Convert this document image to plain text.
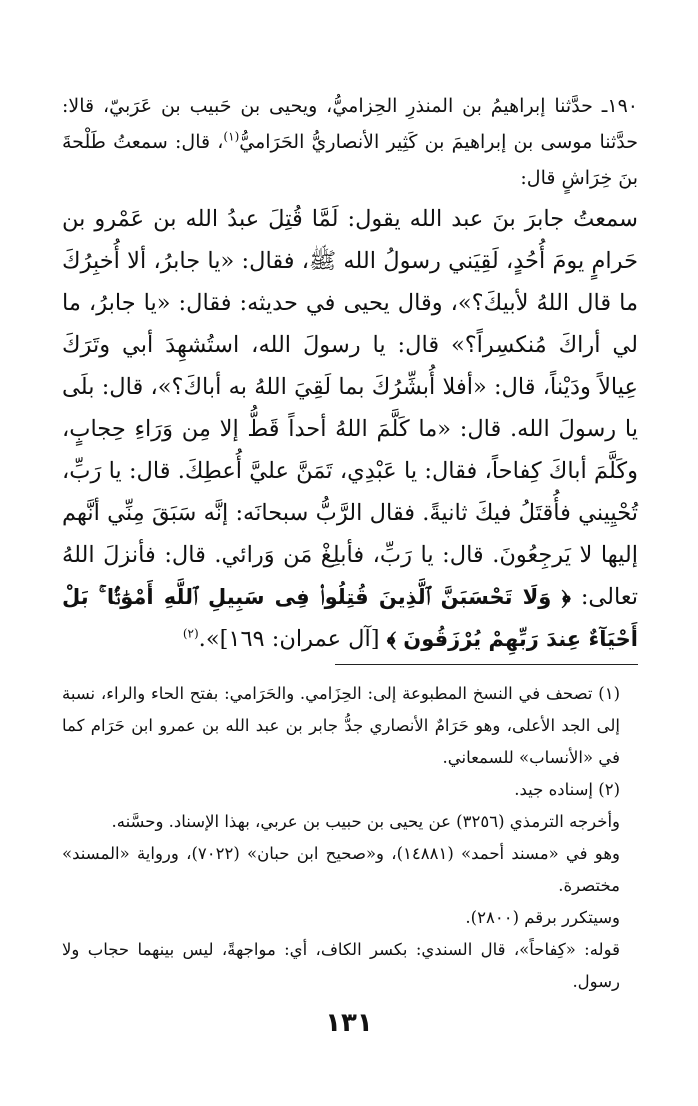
١٩٠ـ حدَّثنا إبراهيمُ بن المنذرِ الحِزاميُّ، ويحيى بن حَبيب بن عَرَبيّ، قالا: حدَّثنا موسى بن إبراهيمَ بن كَثِير الأنصاريُّ الحَرَاميُّ$^{(١)}$، قال: سمعتُ طَلْحةَ بنَ خِرَاشٍ قال:

سمعتُ جابرَ بنَ عبد الله يقول: لَمَّا قُتِلَ عبدُ الله بن عَمْرو بن حَرامٍ يومَ أُحُدٍ، لَقِيَني رسولُ الله ﷺ، فقال: «يا جابرُ، ألا أُخبِرُكَ ما قال اللهُ لأبيكَ؟»، وقال يحيى في حديثه: فقال: «يا جابرُ، ما لي أراكَ مُنكسِراً؟» قال: يا رسولَ الله، استُشهِدَ أبي وتَرَكَ عِيالاً ودَيْناً، قال: «أفلا أُبشِّرُكَ بما لَقِيَ اللهُ به أباكَ؟»، قال: بلَى يا رسولَ الله. قال: «ما كَلَّمَ اللهُ أحداً قَطُّ إلا مِن وَرَاءِ حِجابٍ، وكَلَّمَ أباكَ كِفاحاً، فقال: يا عَبْدِي، تَمَنَّ عليَّ أُعطِكَ. قال: يا رَبِّ، تُحْيِيني فأُقتَلُ فيكَ ثانيةً. فقال الرَّبُّ سبحانَه: إنَّه سَبَقَ مِنِّي أنَّهم إليها لا يَرجِعُونَ. قال: يا رَبِّ، فأبلِغْ مَن وَرائي. قال: فأنزلَ اللهُ تعالى: ﴿ وَلَا تَحْسَبَنَّ ٱلَّذِينَ قُتِلُوا۟ فِى سَبِيلِ ٱللَّهِ أَمْوَٰتًۢا ۚ بَلْ أَحْيَآءٌ عِندَ رَبِّهِمْ يُرْزَقُونَ ﴾ [آل عمران: ١٦٩]».$^{(٢)}$

(١) تصحف في النسخ المطبوعة إلى: الحِزَامي. والحَرَامي: بفتح الحاء والراء، نسبة إلى الجد الأعلى، وهو حَرَامٌ الأنصاري جدُّ جابر بن عبد الله بن عمرو ابن حَرَام كما في «الأنساب» للسمعاني.

(٢) إسناده جيد.

وأخرجه الترمذي (٣٢٥٦) عن يحيى بن حبيب بن عربي، بهذا الإسناد. وحسَّنه.

وهو في «مسند أحمد» (١٤٨٨١)، و«صحيح ابن حبان» (٧٠٢٢)، ورواية «المسند» مختصرة.

وسيتكرر برقم (٢٨٠٠).

قوله: «كِفاحاً»، قال السندي: بكسر الكاف، أي: مواجهةً، ليس بينهما حجاب ولا رسول.

١٣١
